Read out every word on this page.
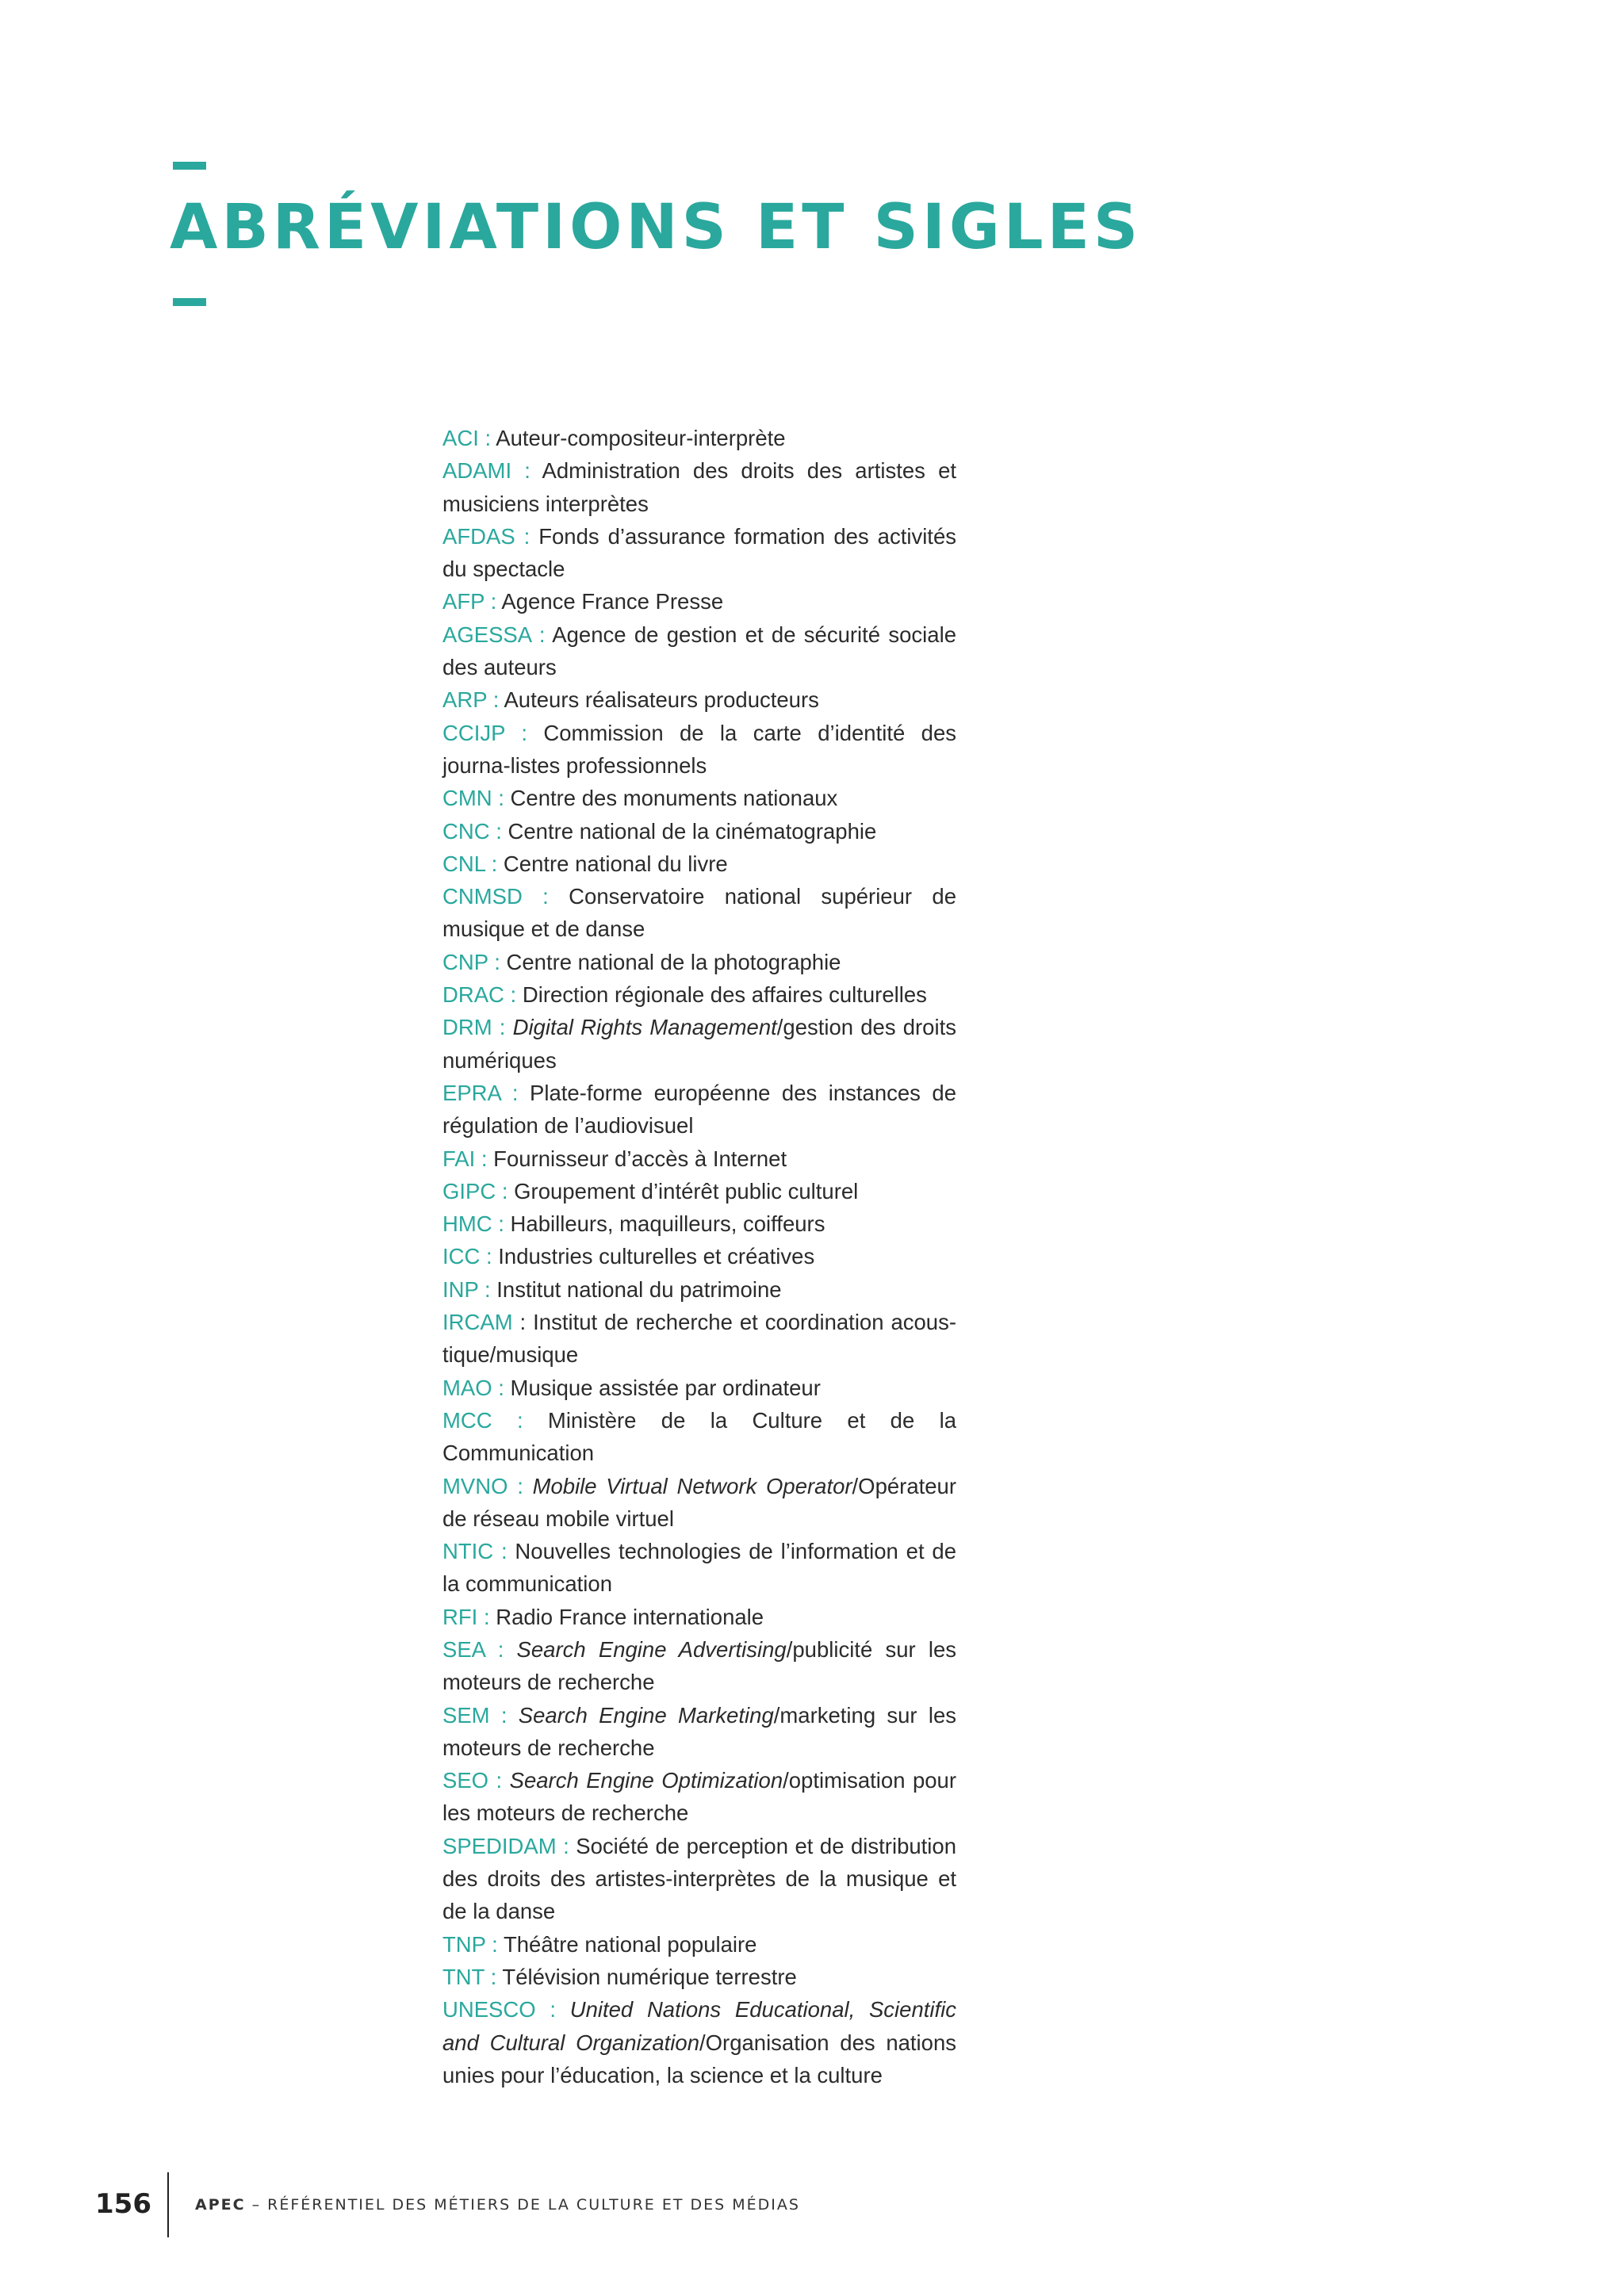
ABRÉVIATIONS ET SIGLES
ACI : Auteur-compositeur-interprète
ADAMI : Administration des droits des artistes et musiciens interprètes
AFDAS : Fonds d’assurance formation des activités du spectacle
AFP : Agence France Presse
AGESSA : Agence de gestion et de sécurité sociale des auteurs
ARP : Auteurs réalisateurs producteurs
CCIJP : Commission de la carte d’identité des journa-listes professionnels
CMN : Centre des monuments nationaux
CNC : Centre national de la cinématographie
CNL : Centre national du livre
CNMSD : Conservatoire national supérieur de musique et de danse
CNP : Centre national de la photographie
DRAC : Direction régionale des affaires culturelles
DRM : Digital Rights Management/gestion des droits numériques
EPRA : Plate-forme européenne des instances de régulation de l’audiovisuel
FAI : Fournisseur d’accès à Internet
GIPC : Groupement d’intérêt public culturel
HMC : Habilleurs, maquilleurs, coiffeurs
ICC : Industries culturelles et créatives
INP : Institut national du patrimoine
IRCAM : Institut de recherche et coordination acous-tique/musique
MAO : Musique assistée par ordinateur
MCC : Ministère de la Culture et de la Communication
MVNO : Mobile Virtual Network Operator/Opérateur de réseau mobile virtuel
NTIC : Nouvelles technologies de l’information et de la communication
RFI : Radio France internationale
SEA : Search Engine Advertising/publicité sur les moteurs de recherche
SEM : Search Engine Marketing/marketing sur les moteurs de recherche
SEO : Search Engine Optimization/optimisation pour les moteurs de recherche
SPEDIDAM : Société de perception et de distribution des droits des artistes-interprètes de la musique et de la danse
TNP : Théâtre national populaire
TNT : Télévision numérique terrestre
UNESCO : United Nations Educational, Scientific and Cultural Organization/Organisation des nations unies pour l’éducation, la science et la culture
156	APEC – RÉFÉRENTIEL DES MÉTIERS DE LA CULTURE ET DES MÉDIAS
